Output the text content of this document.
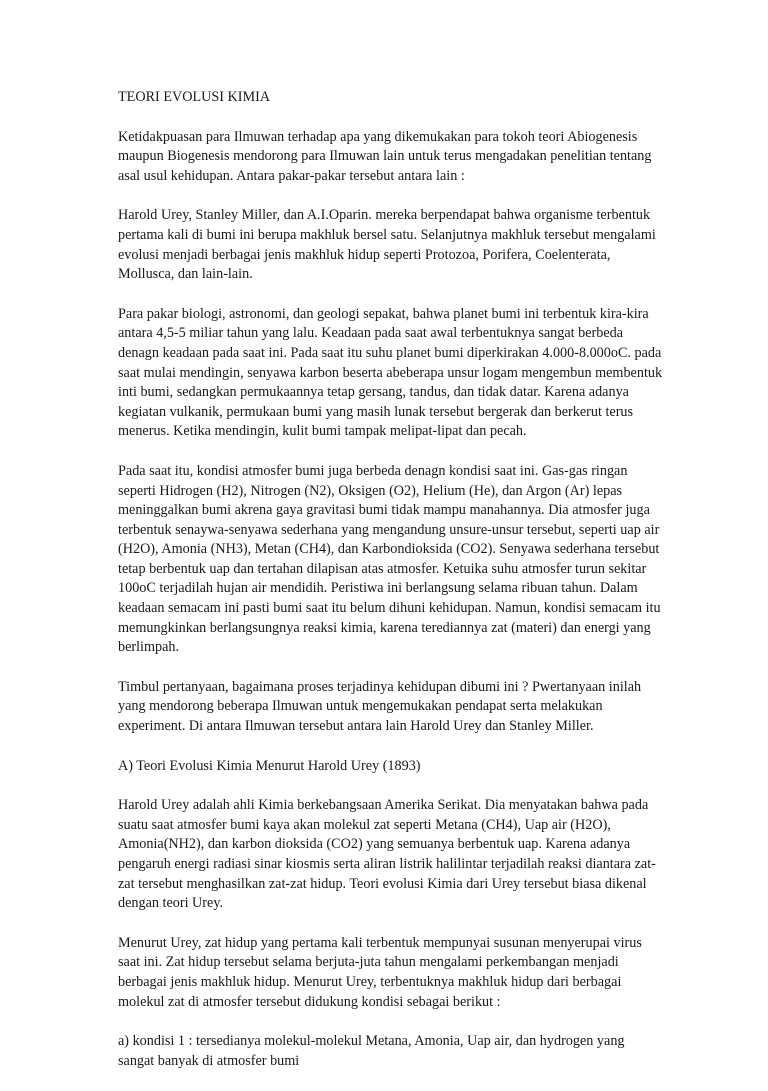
TEORI EVOLUSI KIMIA

Ketidakpuasan para Ilmuwan terhadap apa yang dikemukakan para tokoh teori Abiogenesis maupun Biogenesis mendorong para Ilmuwan lain untuk terus mengadakan penelitian tentang asal usul kehidupan. Antara pakar-pakar tersebut antara lain :

Harold Urey, Stanley Miller, dan A.I.Oparin. mereka berpendapat bahwa organisme terbentuk pertama kali di bumi ini berupa makhluk bersel satu. Selanjutnya makhluk tersebut mengalami evolusi menjadi berbagai jenis makhluk hidup seperti Protozoa, Porifera, Coelenterata, Mollusca, dan lain-lain.

Para pakar biologi, astronomi, dan geologi sepakat, bahwa planet bumi ini terbentuk kira-kira antara 4,5-5 miliar tahun yang lalu. Keadaan pada saat awal terbentuknya sangat berbeda denagn keadaan pada saat ini. Pada saat itu suhu planet bumi diperkirakan 4.000-8.000oC. pada saat mulai mendingin, senyawa karbon beserta abeberapa unsur logam mengembun membentuk inti bumi, sedangkan permukaannya tetap gersang, tandus, dan tidak datar. Karena adanya kegiatan vulkanik, permukaan bumi yang masih lunak tersebut bergerak dan berkerut terus menerus. Ketika mendingin, kulit bumi tampak melipat-lipat dan pecah.

Pada saat itu, kondisi atmosfer bumi juga berbeda denagn kondisi saat ini. Gas-gas ringan seperti Hidrogen (H2), Nitrogen (N2), Oksigen (O2), Helium (He), dan Argon (Ar) lepas meninggalkan bumi akrena gaya gravitasi bumi tidak mampu manahannya. Dia atmosfer juga terbentuk senaywa-senyawa sederhana yang mengandung unsure-unsur tersebut, seperti uap air (H2O), Amonia (NH3), Metan (CH4), dan Karbondioksida (CO2). Senyawa sederhana tersebut tetap berbentuk uap dan tertahan dilapisan atas atmosfer. Ketuika suhu atmosfer turun sekitar 100oC terjadilah hujan air mendidih. Peristiwa ini berlangsung selama ribuan tahun. Dalam keadaan semacam ini pasti bumi saat itu belum dihuni kehidupan. Namun, kondisi semacam itu memungkinkan berlangsungnya reaksi kimia, karena terediannya zat (materi) dan energi yang berlimpah.

Timbul pertanyaan, bagaimana proses terjadinya kehidupan dibumi ini ? Pwertanyaan inilah yang mendorong beberapa Ilmuwan untuk mengemukakan pendapat serta melakukan experiment. Di antara Ilmuwan tersebut antara lain Harold Urey dan Stanley Miller.

A) Teori Evolusi Kimia Menurut Harold Urey (1893)

Harold Urey adalah ahli Kimia berkebangsaan Amerika Serikat. Dia menyatakan bahwa pada suatu saat atmosfer bumi kaya akan molekul zat seperti Metana (CH4), Uap air (H2O), Amonia(NH2), dan karbon dioksida (CO2) yang semuanya berbentuk uap. Karena adanya pengaruh energi radiasi sinar kiosmis serta aliran listrik halilintar terjadilah reaksi diantara zat-zat tersebut menghasilkan zat-zat hidup. Teori evolusi Kimia dari Urey tersebut biasa dikenal dengan teori Urey.

Menurut Urey, zat hidup yang pertama kali terbentuk mempunyai susunan menyerupai virus saat ini. Zat hidup tersebut selama berjuta-juta tahun mengalami perkembangan menjadi berbagai jenis makhluk hidup. Menurut Urey, terbentuknya makhluk hidup dari berbagai molekul zat di atmosfer tersebut didukung kondisi sebagai berikut :

a) kondisi 1 : tersedianya molekul-molekul Metana, Amonia, Uap air, dan hydrogen yang sangat banyak di atmosfer bumi
